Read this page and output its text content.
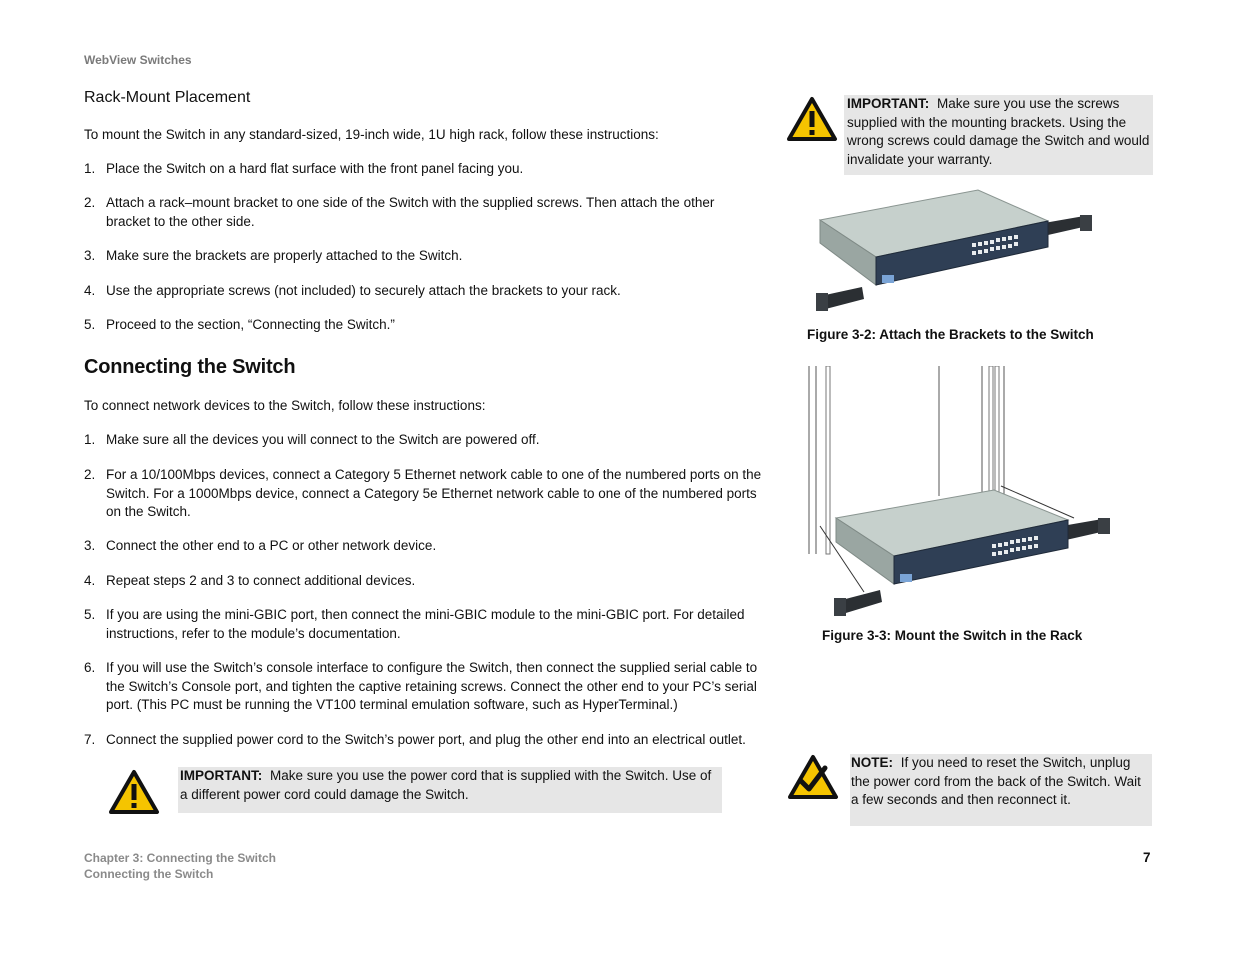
WebView Switches
Rack-Mount Placement
To mount the Switch in any standard-sized, 19-inch wide, 1U high rack, follow these instructions:
1. Place the Switch on a hard flat surface with the front panel facing you.
2. Attach a rack–mount bracket to one side of the Switch with the supplied screws. Then attach the other bracket to the other side.
3. Make sure the brackets are properly attached to the Switch.
4. Use the appropriate screws (not included) to securely attach the brackets to your rack.
5. Proceed to the section, “Connecting the Switch.”
Connecting the Switch
To connect network devices to the Switch, follow these instructions:
1. Make sure all the devices you will connect to the Switch are powered off.
2. For a 10/100Mbps devices, connect a Category 5 Ethernet network cable to one of the numbered ports on the Switch. For a 1000Mbps device, connect a Category 5e Ethernet network cable to one of the numbered ports on the Switch.
3. Connect the other end to a PC or other network device.
4. Repeat steps 2 and 3 to connect additional devices.
5. If you are using the mini-GBIC port, then connect the mini-GBIC module to the mini-GBIC port. For detailed instructions, refer to the module’s documentation.
6. If you will use the Switch’s console interface to configure the Switch, then connect the supplied serial cable to the Switch’s Console port, and tighten the captive retaining screws. Connect the other end to your PC’s serial port. (This PC must be running the VT100 terminal emulation software, such as HyperTerminal.)
7. Connect the supplied power cord to the Switch’s power port, and plug the other end into an electrical outlet.
IMPORTANT: Make sure you use the power cord that is supplied with the Switch. Use of a different power cord could damage the Switch.
IMPORTANT: Make sure you use the screws supplied with the mounting brackets. Using the wrong screws could damage the Switch and would invalidate your warranty.
Figure 3-2: Attach the Brackets to the Switch
Figure 3-3: Mount the Switch in the Rack
NOTE: If you need to reset the Switch, unplug the power cord from the back of the Switch. Wait a few seconds and then reconnect it.
Chapter 3: Connecting the Switch
Connecting the Switch
7
